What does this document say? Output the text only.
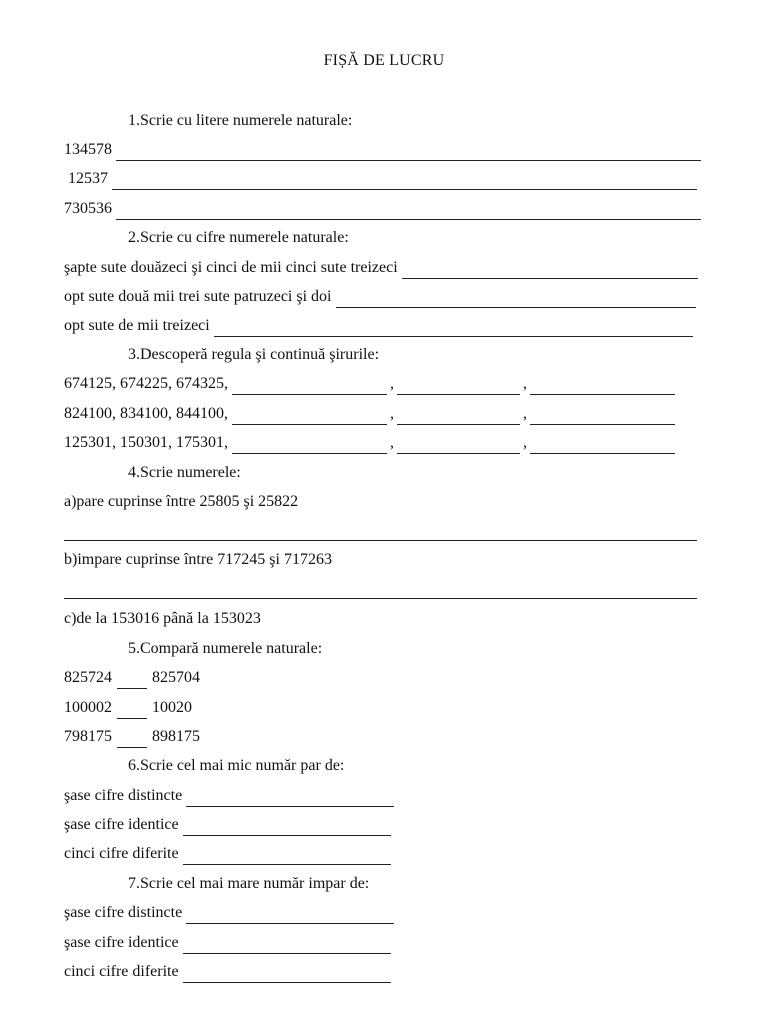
FIȘĂ DE LUCRU
1.Scrie cu litere numerele naturale:
134578
12537
730536
2.Scrie cu cifre numerele naturale:
şapte sute douăzeci şi cinci de mii cinci sute treizeci
opt sute două mii trei sute patruzeci şi doi
opt sute de mii treizeci
3.Descoperă regula şi continuă şirurile:
674125, 674225, 674325,	,	,
824100, 834100, 844100,	,	,
125301, 150301, 175301,	,	,
4.Scrie numerele:
a)pare cuprinse între 25805 şi 25822
b)impare cuprinse între 717245 şi 717263
c)de la 153016 până la 153023
5.Compară numerele naturale:
825724	825704
100002	10020
798175	898175
6.Scrie cel mai mic număr par de:
şase cifre distincte
şase cifre identice
cinci cifre diferite
7.Scrie cel mai mare număr impar de:
şase cifre distincte
şase cifre identice
cinci cifre diferite
